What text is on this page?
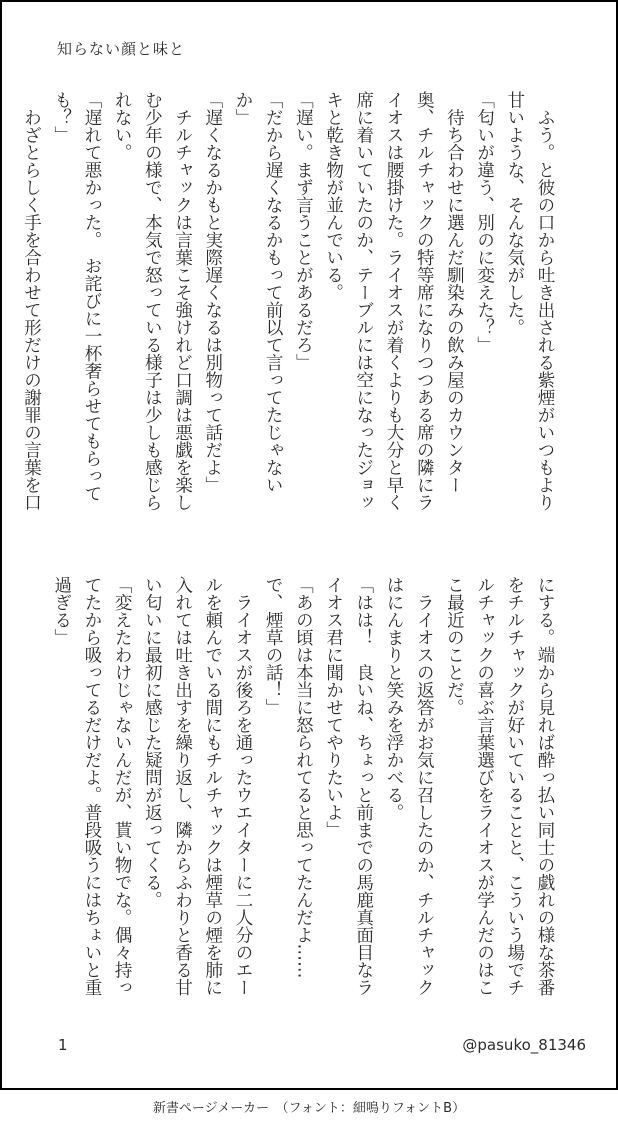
知らない顔と味と

　ふう。と彼の口から吐き出される紫煙がいつもより甘いような、そんな気がした。

「匂いが違う、別のに変えた？」

　待ち合わせに選んだ馴染みの飲み屋のカウンター奥、チルチャックの特等席になりつつある席の隣にライオスは腰掛けた。ライオスが着くよりも大分と早く席に着いていたのか、テーブルには空になったジョッキと乾き物が並んでいる。

「遅い。まず言うことがあるだろ」

「だから遅くなるかもって前以て言ってたじゃないか」

「遅くなるかもと実際遅くなるは別物って話だよ」

　チルチャックは言葉こそ強けれど口調は悪戯を楽しむ少年の様で、本気で怒っている様子は少しも感じられない。

「遅れて悪かった。　お詫びに一杯奢らせてもらっても？」

　わざとらしく手を合わせて形だけの謝罪の言葉を口

にする。端から見れば酔っ払い同士の戯れの様な茶番をチルチャックが好いていることと、こういう場でチルチャックの喜ぶ言葉選びをライオスが学んだのはここ最近のことだ。

　ライオスの返答がお気に召したのか、チルチャックはにんまりと笑みを浮かべる。

「はは！　良いね、ちょっと前までの馬鹿真面目なライオス君に聞かせてやりたいよ」

「あの頃は本当に怒られてると思ってたんだよ……で、煙草の話！」

　ライオスが後ろを通ったウエイターに二人分のエールを頼んでいる間にもチルチャックは煙草の煙を肺に入れては吐き出すを繰り返し、隣からふわりと香る甘い匂いに最初に感じた疑問が返ってくる。

「変えたわけじゃないんだが、貰い物でな。偶々持ってたから吸ってるだけだよ。普段吸うにはちょいと重過ぎる」

1	@pasuko_81346
新書ページメーカー　（フォント：細鳴りフォントB）
